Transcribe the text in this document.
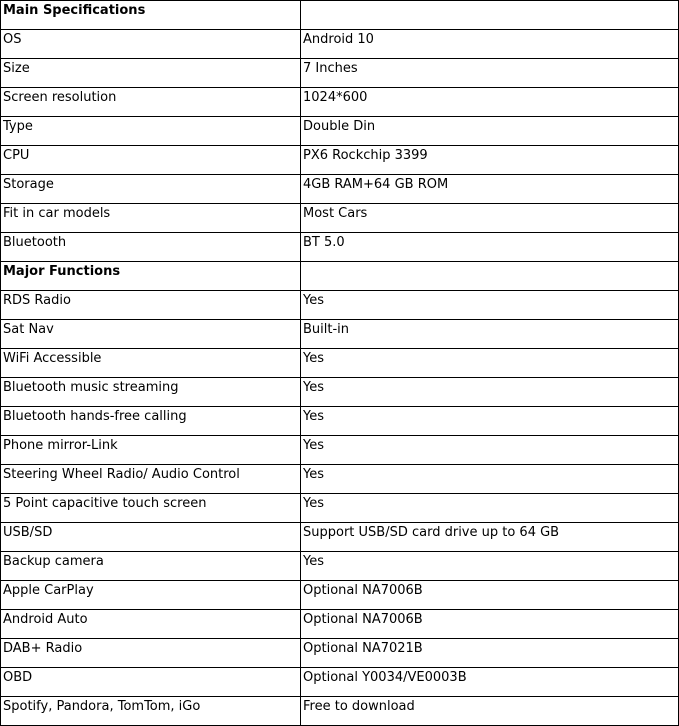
Main Specifications	
OS	Android 10
Size	7 Inches
Screen resolution	1024*600
Type	Double Din
CPU	PX6 Rockchip 3399
Storage	4GB RAM+64 GB ROM
Fit in car models	Most Cars
Bluetooth	BT 5.0
Major Functions	
RDS Radio	Yes
Sat Nav	Built-in
WiFi Accessible	Yes
Bluetooth music streaming	Yes
Bluetooth hands-free calling	Yes
Phone mirror-Link	Yes
Steering Wheel Radio/ Audio Control	Yes
5 Point capacitive touch screen	Yes
USB/SD	Support USB/SD card drive up to 64 GB
Backup camera	Yes
Apple CarPlay	Optional NA7006B
Android Auto	Optional NA7006B
DAB+ Radio	Optional NA7021B
OBD	Optional Y0034/VE0003B
Spotify, Pandora, TomTom, iGo	Free to download
